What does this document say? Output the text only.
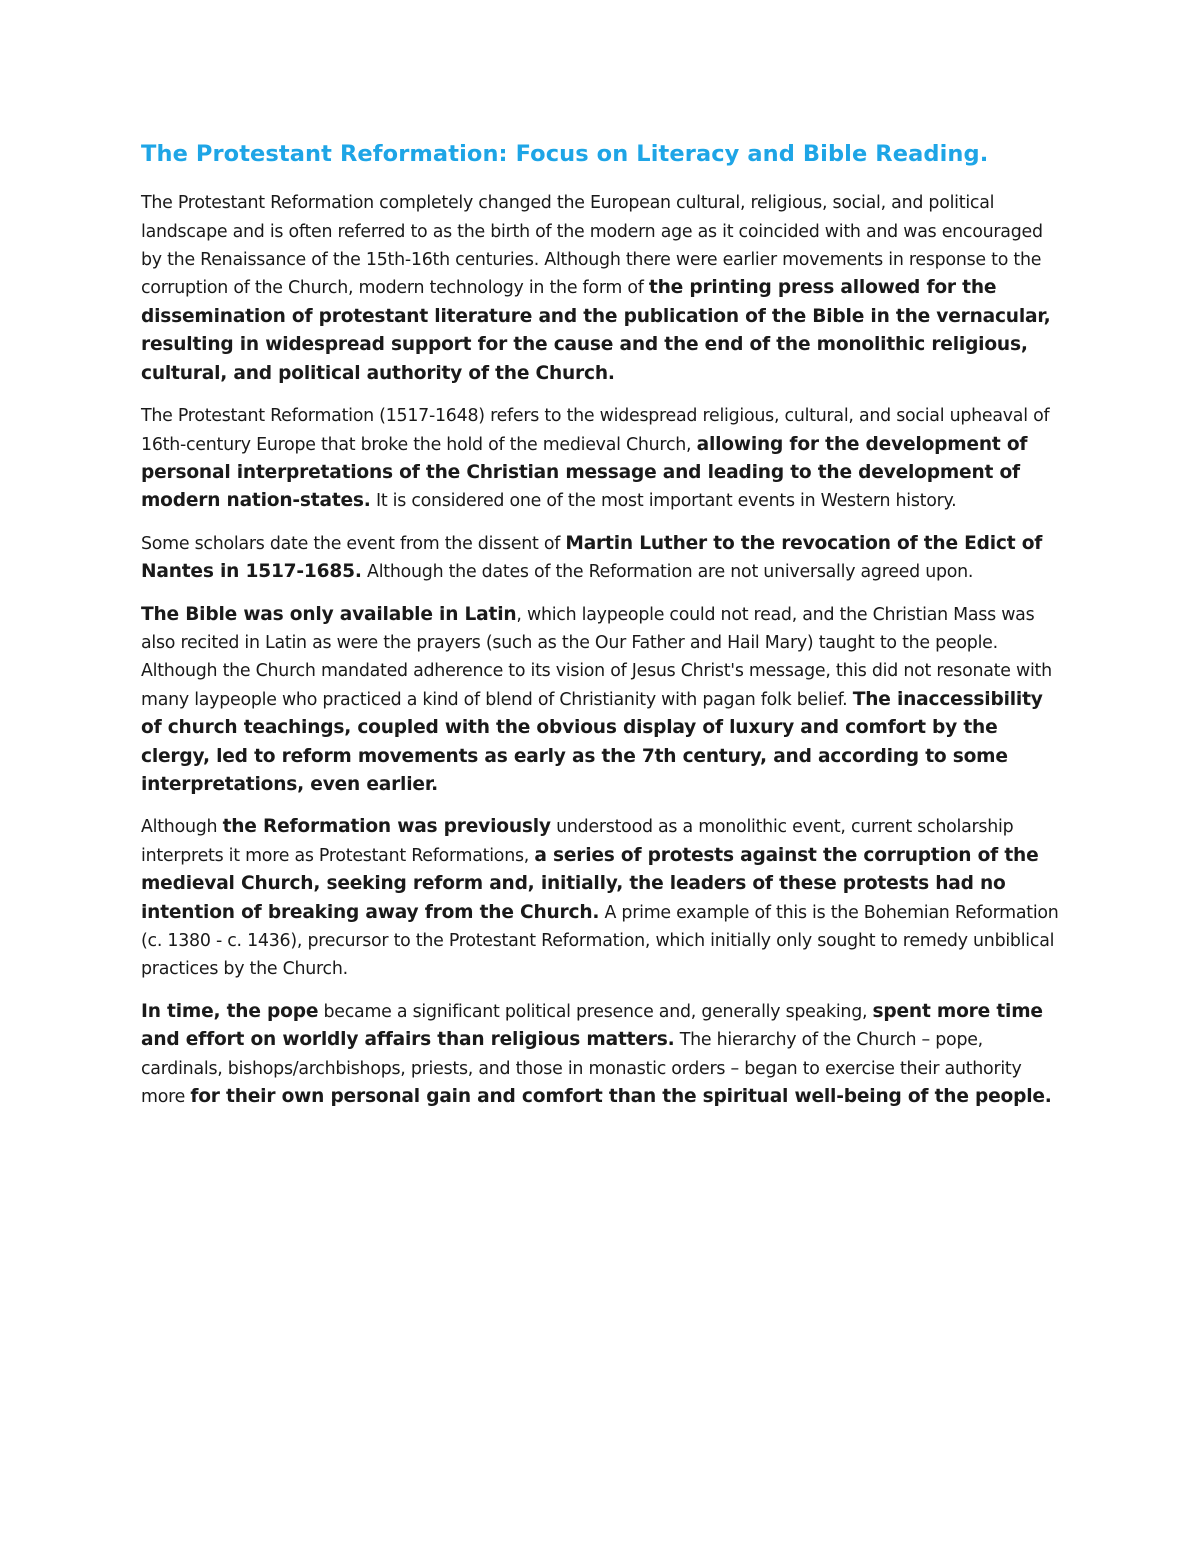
The Protestant Reformation: Focus on Literacy and Bible Reading.

The Protestant Reformation completely changed the European cultural, religious, social, and political landscape and is often referred to as the birth of the modern age as it coincided with and was encouraged by the Renaissance of the 15th-16th centuries. Although there were earlier movements in response to the corruption of the Church, modern technology in the form of the printing press allowed for the dissemination of protestant literature and the publication of the Bible in the vernacular, resulting in widespread support for the cause and the end of the monolithic religious, cultural, and political authority of the Church.

The Protestant Reformation (1517-1648) refers to the widespread religious, cultural, and social upheaval of 16th-century Europe that broke the hold of the medieval Church, allowing for the development of personal interpretations of the Christian message and leading to the development of modern nation-states. It is considered one of the most important events in Western history.

Some scholars date the event from the dissent of Martin Luther to the revocation of the Edict of Nantes in 1517-1685. Although the dates of the Reformation are not universally agreed upon.

The Bible was only available in Latin, which laypeople could not read, and the Christian Mass was also recited in Latin as were the prayers (such as the Our Father and Hail Mary) taught to the people. Although the Church mandated adherence to its vision of Jesus Christ's message, this did not resonate with many laypeople who practiced a kind of blend of Christianity with pagan folk belief. The inaccessibility of church teachings, coupled with the obvious display of luxury and comfort by the clergy, led to reform movements as early as the 7th century, and according to some interpretations, even earlier.

Although the Reformation was previously understood as a monolithic event, current scholarship interprets it more as Protestant Reformations, a series of protests against the corruption of the medieval Church, seeking reform and, initially, the leaders of these protests had no intention of breaking away from the Church. A prime example of this is the Bohemian Reformation (c. 1380 - c. 1436), precursor to the Protestant Reformation, which initially only sought to remedy unbiblical practices by the Church.

In time, the pope became a significant political presence and, generally speaking, spent more time and effort on worldly affairs than religious matters. The hierarchy of the Church – pope, cardinals, bishops/archbishops, priests, and those in monastic orders – began to exercise their authority more for their own personal gain and comfort than the spiritual well-being of the people.
